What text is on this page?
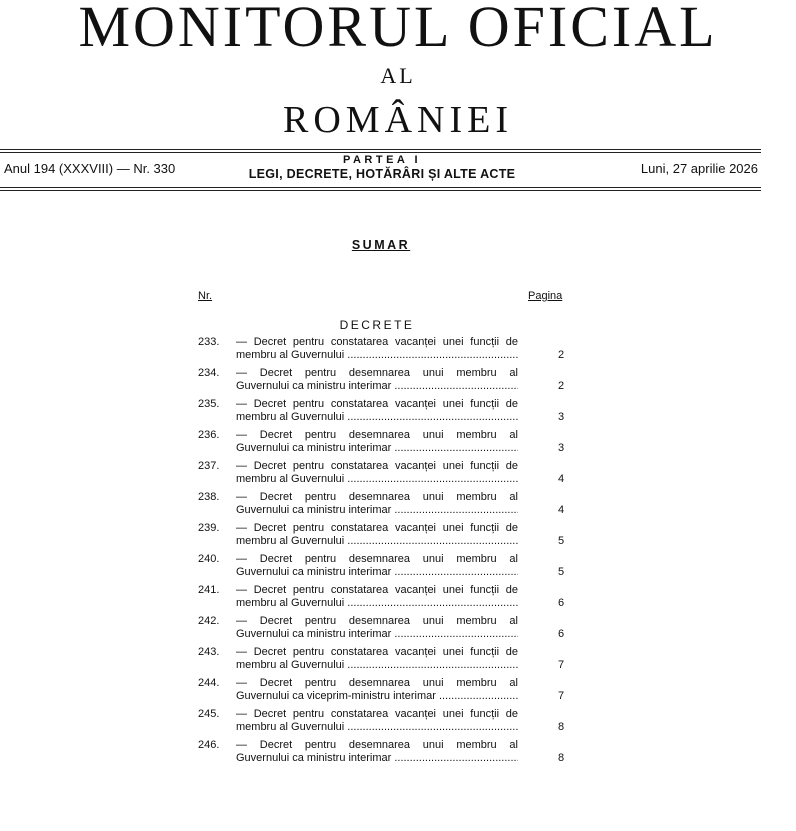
MONITORUL OFICIAL
AL
ROMÂNIEI
Anul 194 (XXXVIII) — Nr. 330
PARTEA I
LEGI, DECRETE, HOTĂRÂRI ȘI ALTE ACTE	Luni, 27 aprilie 2026
SUMAR
Nr.	Pagina
DECRETE
233. — Decret pentru constatarea vacanței unei funcții de
membru al Guvernului .....	2
234. — Decret pentru desemnarea unui membru al
Guvernului ca ministru interimar .....	2
235. — Decret pentru constatarea vacanței unei funcții de
membru al Guvernului .....	3
236. — Decret pentru desemnarea unui membru al
Guvernului ca ministru interimar .....	3
237. — Decret pentru constatarea vacanței unei funcții de
membru al Guvernului .....	4
238. — Decret pentru desemnarea unui membru al
Guvernului ca ministru interimar .....	4
239. — Decret pentru constatarea vacanței unei funcții de
membru al Guvernului .....	5
240. — Decret pentru desemnarea unui membru al
Guvernului ca ministru interimar .....	5
241. — Decret pentru constatarea vacanței unei funcții de
membru al Guvernului .....	6
242. — Decret pentru desemnarea unui membru al
Guvernului ca ministru interimar .....	6
243. — Decret pentru constatarea vacanței unei funcții de
membru al Guvernului .....	7
244. — Decret pentru desemnarea unui membru al
Guvernului ca viceprim-ministru interimar .....	7
245. — Decret pentru constatarea vacanței unei funcții de
membru al Guvernului .....	8
246. — Decret pentru desemnarea unui membru al
Guvernului ca ministru interimar .....	8
